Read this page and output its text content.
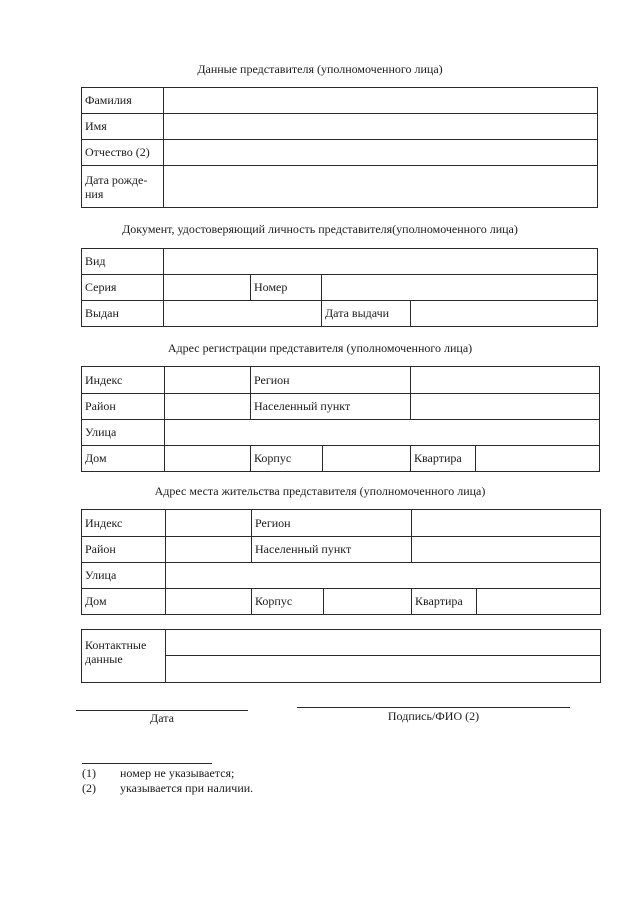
Данные представителя (уполномоченного лица)
Фамилия	
Имя	
Отчество (2)	
Дата рожде-ния	
Документ, удостоверяющий личность представителя(уполномоченного лица)
Вид				
Серия		Номер		
Выдан			Дата выдачи	
Адрес регистрации представителя (уполномоченного лица)
Индекс		Регион			
Район		Населенный пункт			
Улица					
Дом		Корпус		Квартира	
Адрес места жительства представителя (уполномоченного лица)
Индекс		Регион			
Район		Населенный пункт			
Улица					
Дом		Корпус		Квартира	
Контактные данные	

Дата	Подпись/ФИО (2)
(1) номер не указывается;
(2) указывается при наличии.
